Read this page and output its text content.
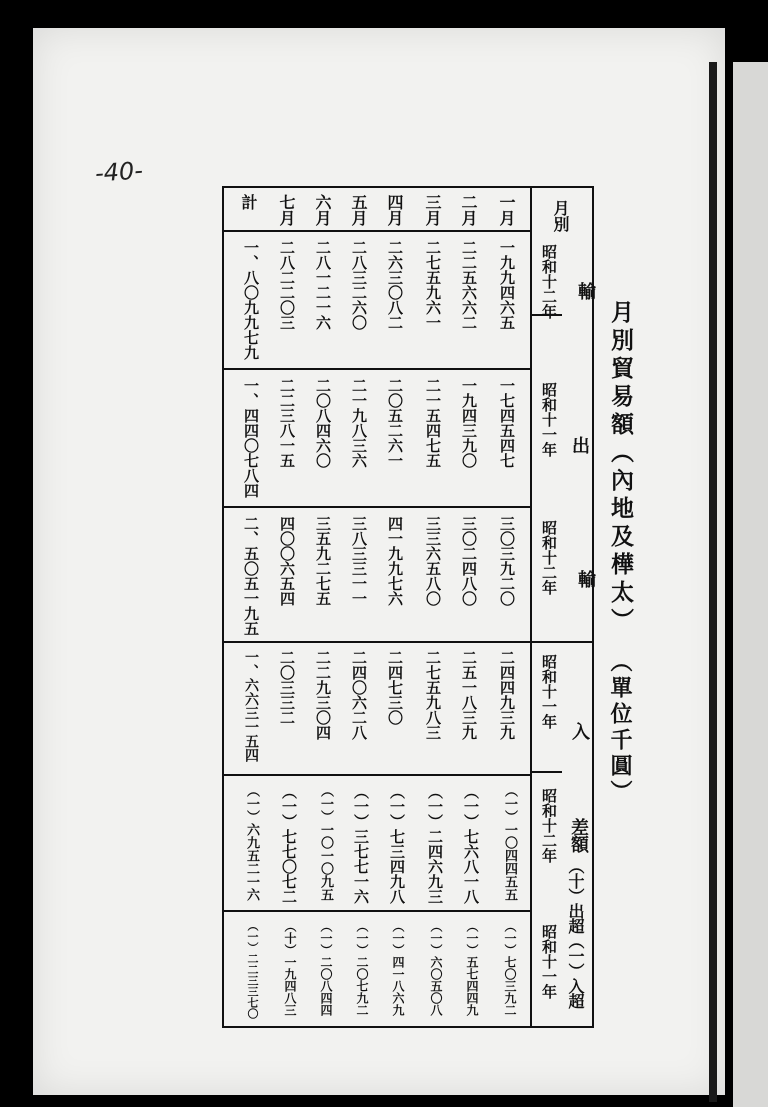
-40-
月別貿易額（內地及樺太）
（單位千圓）
月別
輸
出
輸
入
差額
（十）出超（一）入超
一月
二月
三月
四月
五月
六月
七月
計
昭和十二年
一九九四六五
二二五六六二
二七五九六一
二六三〇八二
二八三二六〇
二八一二一六
二八二二〇三
一、八〇九九七九
昭和十一年
一七四五四七
一九四三九〇
二一五四七五
二〇五二六一
二一九八三六
二〇八四六〇
二二三八一五
一、四四〇七八四
昭和十二年
三〇三九二〇
三〇二四八〇
三三六五八〇
四一九九七六
三八三三一一
三五九二七五
四〇〇六五四
二、五〇五一九五
昭和十一年
二四四九三九
二五一八三九
二七五九八三
二四七三〇
二四〇六二八
二二九三〇四
二〇三三二
一、六六三一五四
昭和十二年
（一）一〇四四五五
（一）七六八一八
（一）二四六九三
（一）七三四九八
（一）三七七一六
（一）一〇一〇九五
（一）七七〇七二
（一）六九五二一六
昭和十一年
（一）七〇三九二
（一）五七四四九
（一）六〇五〇八
（一）四一八六九
（一）二〇七九二
（一）二〇八四四
（十）一九四八三
（一）二二三三七〇
